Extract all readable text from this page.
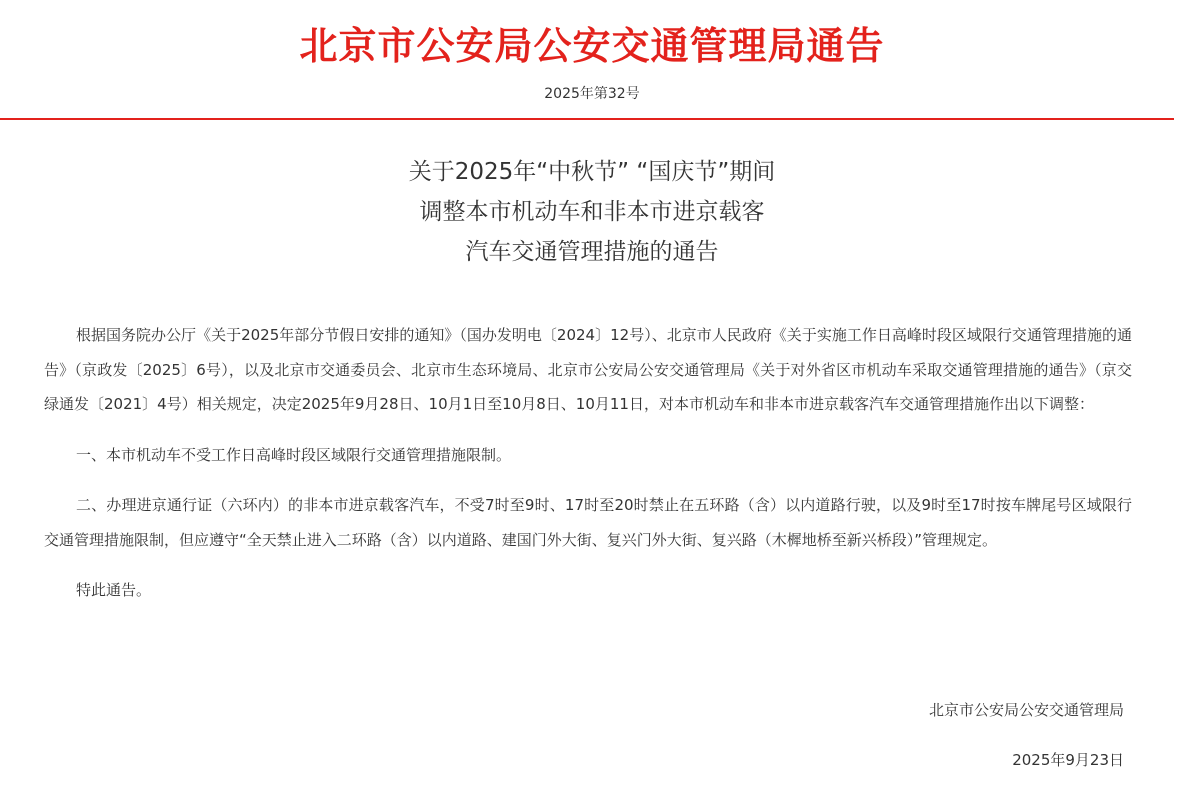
北京市公安局公安交通管理局通告
2025年第32号
关于2025年“中秋节” “国庆节”期间
调整本市机动车和非本市进京载客
汽车交通管理措施的通告

根据国务院办公厅《关于2025年部分节假日安排的通知》（国办发明电〔2024〕12号）、北京市人民政府《关于实施工作日高峰时段区域限行交通管理措施的通告》（京政发〔2025〕6号），以及北京市交通委员会、北京市生态环境局、北京市公安局公安交通管理局《关于对外省区市机动车采取交通管理措施的通告》（京交绿通发〔2021〕4号）相关规定，决定2025年9月28日、10月1日至10月8日、10月11日，对本市机动车和非本市进京载客汽车交通管理措施作出以下调整：

一、本市机动车不受工作日高峰时段区域限行交通管理措施限制。

二、办理进京通行证（六环内）的非本市进京载客汽车，不受7时至9时、17时至20时禁止在五环路（含）以内道路行驶，以及9时至17时按车牌尾号区域限行交通管理措施限制，但应遵守“全天禁止进入二环路（含）以内道路、建国门外大街、复兴门外大街、复兴路（木樨地桥至新兴桥段）”管理规定。

特此通告。

北京市公安局公安交通管理局
2025年9月23日
